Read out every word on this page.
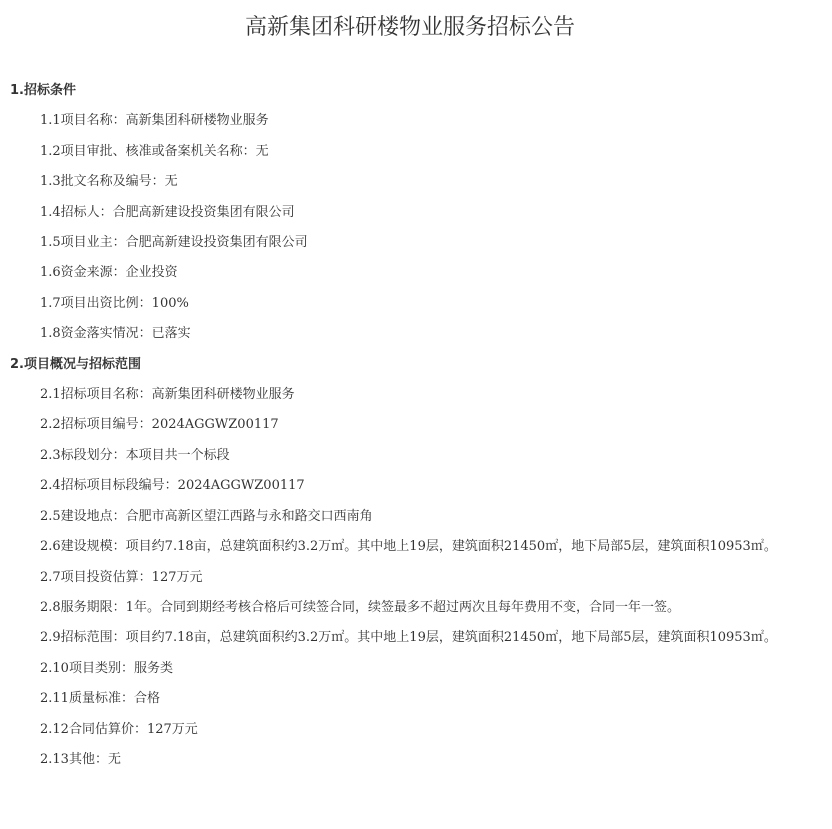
高新集团科研楼物业服务招标公告

1.招标条件

1.1项目名称：高新集团科研楼物业服务

1.2项目审批、核准或备案机关名称：无

1.3批文名称及编号：无

1.4招标人：合肥高新建设投资集团有限公司

1.5项目业主：合肥高新建设投资集团有限公司

1.6资金来源：企业投资

1.7项目出资比例：100%

1.8资金落实情况：已落实

2.项目概况与招标范围

2.1招标项目名称：高新集团科研楼物业服务

2.2招标项目编号：2024AGGWZ00117

2.3标段划分：本项目共一个标段

2.4招标项目标段编号：2024AGGWZ00117

2.5建设地点：合肥市高新区望江西路与永和路交口西南角

2.6建设规模：项目约7.18亩，总建筑面积约3.2万㎡。其中地上19层，建筑面积21450㎡，地下局部5层，建筑面积10953㎡。

2.7项目投资估算：127万元

2.8服务期限：1年。合同到期经考核合格后可续签合同，续签最多不超过两次且每年费用不变，合同一年一签。

2.9招标范围：项目约7.18亩，总建筑面积约3.2万㎡。其中地上19层，建筑面积21450㎡，地下局部5层，建筑面积10953㎡。

2.10项目类别：服务类

2.11质量标准：合格

2.12合同估算价：127万元

2.13其他：无
